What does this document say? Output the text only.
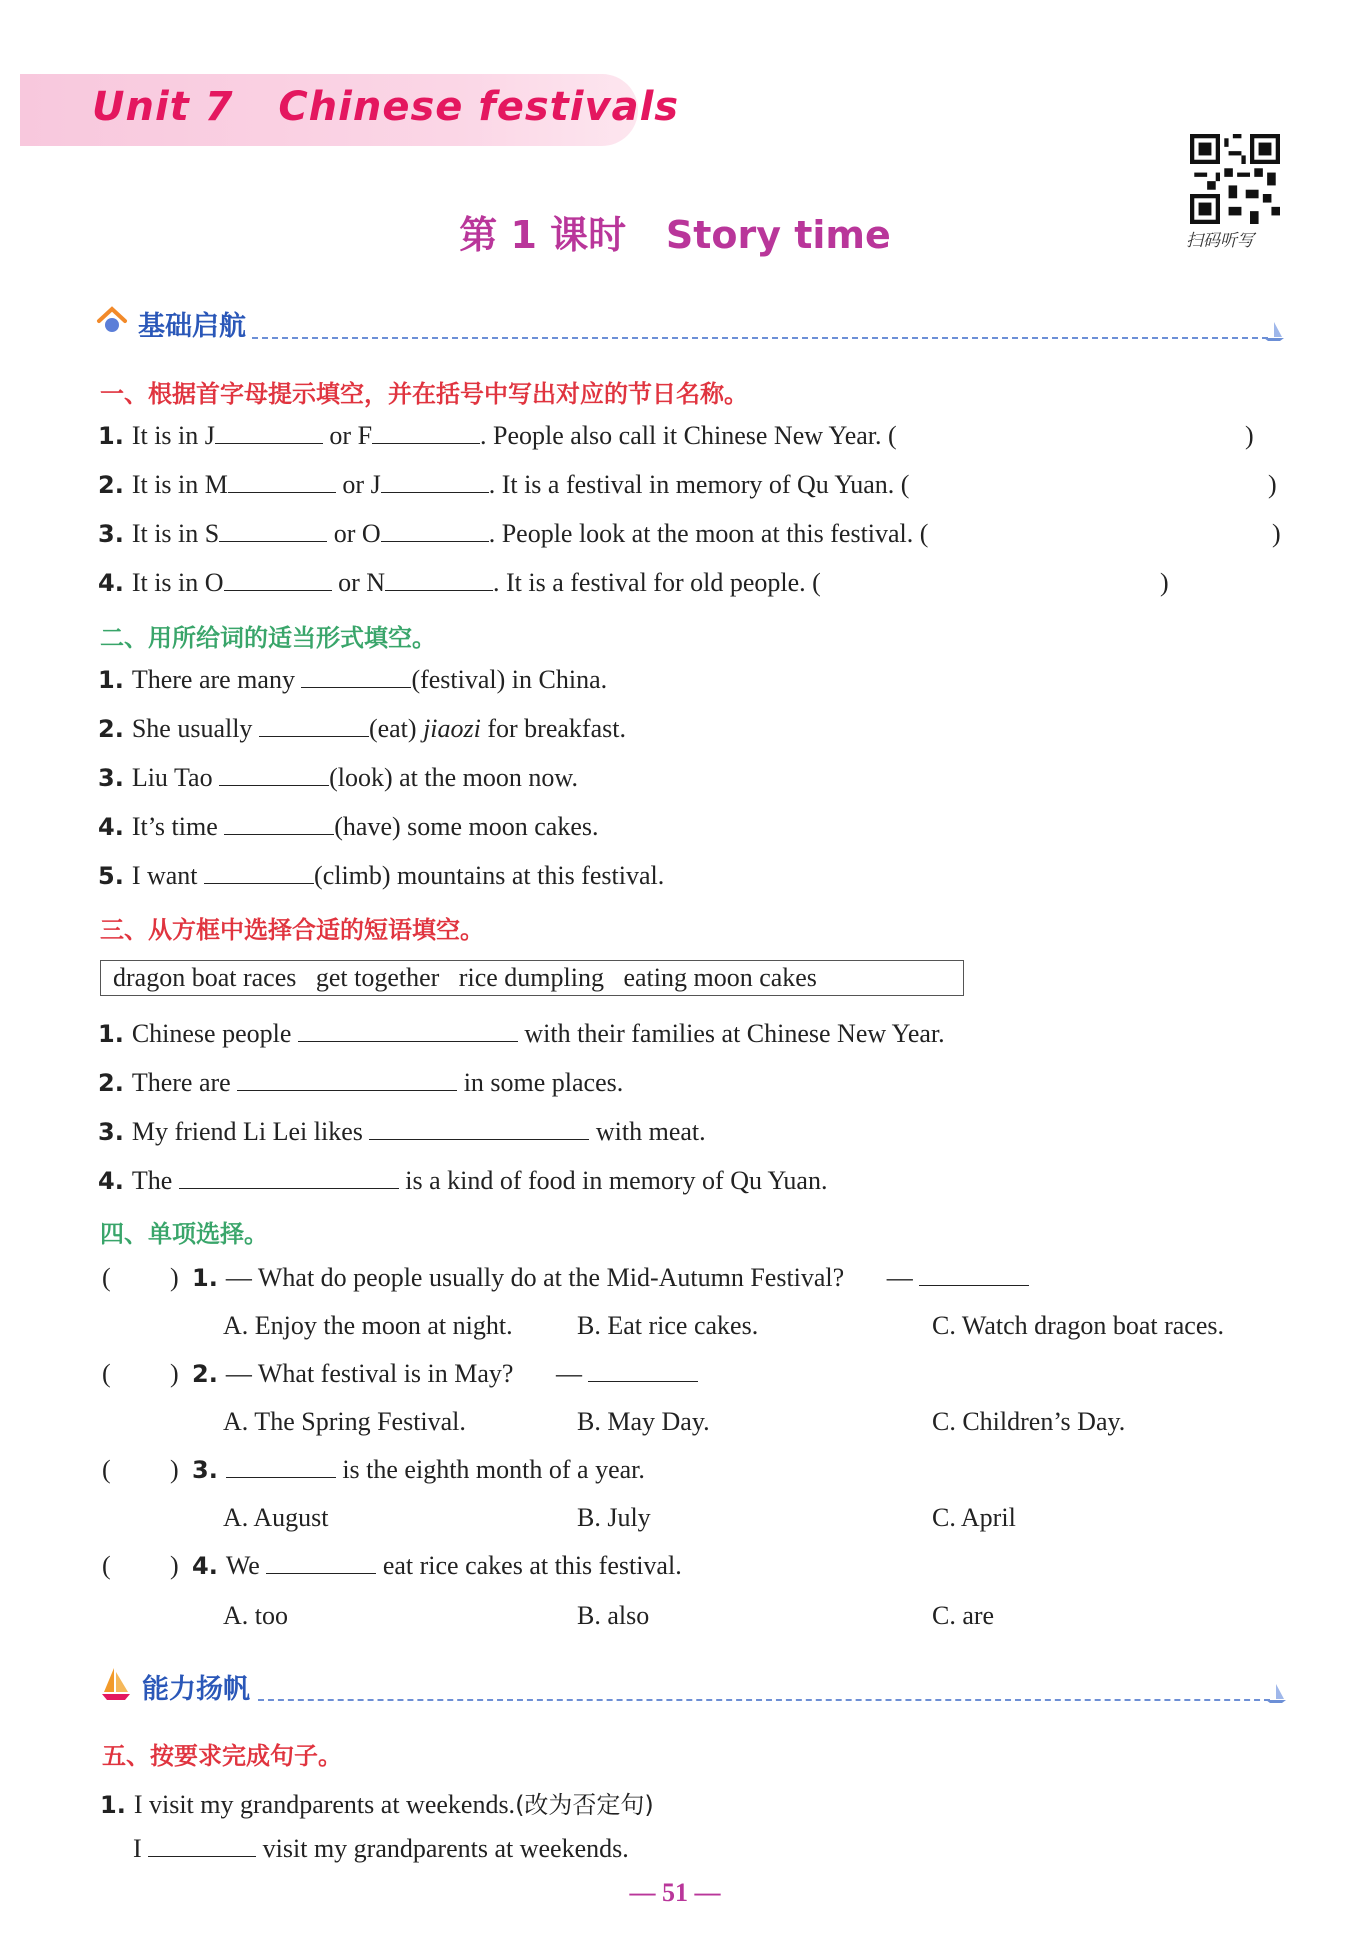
Unit 7   Chinese festivals
第 1 课时   Story time	扫码听写
基础启航
一、根据首字母提示填空，并在括号中写出对应的节日名称。
1. It is in J	or F	. People also call it Chinese New Year. (	)
2. It is in M	or J	. It is a festival in memory of Qu Yuan. (	)
3. It is in S	or O	. People look at the moon at this festival. (	)
4. It is in O	or N	. It is a festival for old people. (	)
二、用所给词的适当形式填空。
1. There are many	(festival) in China.
2. She usually	(eat) jiaozi for breakfast.
3. Liu Tao	(look) at the moon now.
4. It’s time	(have) some moon cakes.
5. I want	(climb) mountains at this festival.
三、从方框中选择合适的短语填空。
dragon boat races   get together   rice dumpling   eating moon cakes
1. Chinese people	with their families at Chinese New Year.
2. There are	in some places.
3. My friend Li Lei likes	with meat.
4. The	is a kind of food in memory of Qu Yuan.
四、单项选择。
( ) 1. — What do people usually do at the Mid-Autumn Festival? —
A. Enjoy the moon at night. B. Eat rice cakes.	C. Watch dragon boat races.
( ) 2. — What festival is in May? —
A. The Spring Festival.	B. May Day.	C. Children’s Day.
( ) 3.	is the eighth month of a year.
A. August	B. July	C. April
( ) 4. We	eat rice cakes at this festival.
A. too	B. also	C. are
能力扬帆
五、按要求完成句子。
1. I visit my grandparents at weekends.(改为否定句)
I	visit my grandparents at weekends.
— 51 —
